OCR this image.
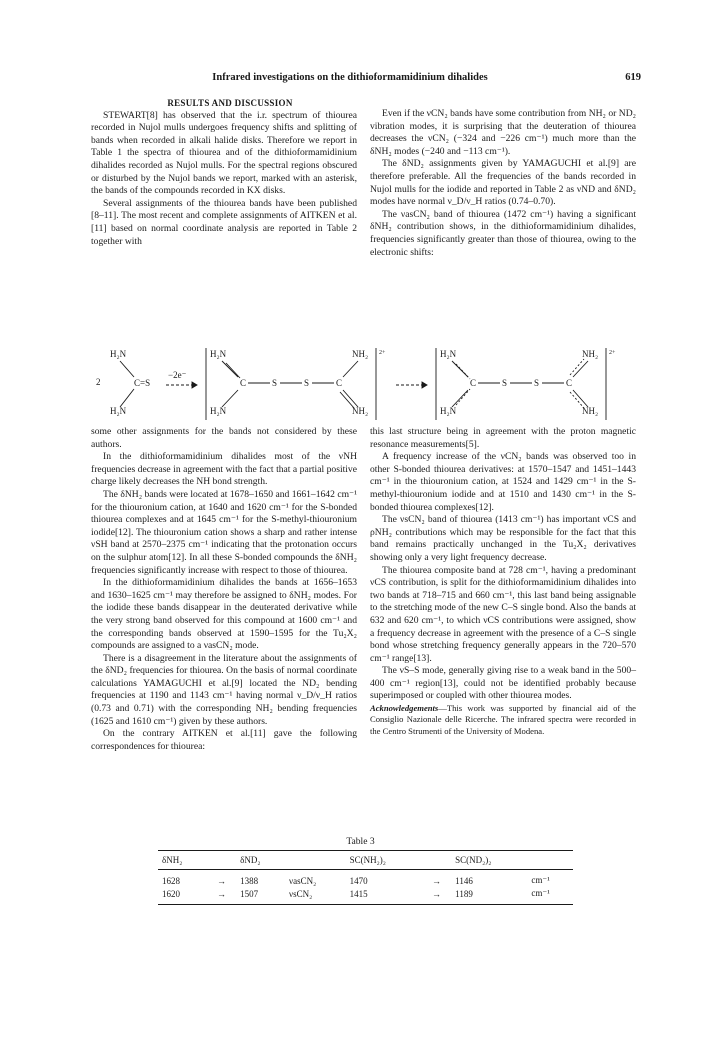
Infrared investigations on the dithioformamidinium dihalides	619

RESULTS AND DISCUSSION

STEWART[8] has observed that the i.r. spectrum of thiourea recorded in Nujol mulls undergoes frequency shifts and splitting of bands when recorded in alkali halide disks. Therefore we report in Table 1 the spectra of thiourea and of the dithioformamidinium dihalides recorded as Nujol mulls. For the spectral regions obscured or disturbed by the Nujol bands we report, marked with an asterisk, the bands of the compounds recorded in KX disks.

Several assignments of the thiourea bands have been published [8–11]. The most recent and complete assignments of AITKEN et al.[11] based on normal coordinate analysis are reported in Table 2 together with

Even if the νCN₂ bands have some contribution from NH₂ or ND₂ vibration modes, it is surprising that the deuteration of thiourea decreases the νCN₂ (−324 and −226 cm⁻¹) much more than the δNH₂ modes (−240 and −113 cm⁻¹).

The δND₂ assignments given by YAMAGUCHI et al.[9] are therefore preferable. All the frequencies of the bands recorded in Nujol mulls for the iodide and reported in Table 2 as νND and δND₂ modes have normal ν_D/ν_H ratios (0.74–0.70).

The νasCN₂ band of thiourea (1472 cm⁻¹) having a significant δNH₂ contribution shows, in the dithioformamidinium dihalides, frequencies significantly greater than those of thiourea, owing to the electronic shifts:

2
H₂N
H₂N
C=S
−2e⁻
H₂N
H₂N
C	S	S	C
NH₂
NH₂
2+	H₂N
H₂N
C	S	S	C
NH₂
NH₂
2+

some other assignments for the bands not considered by these authors.

In the dithioformamidinium dihalides most of the νNH frequencies decrease in agreement with the fact that a partial positive charge likely decreases the NH bond strength.

The δNH₂ bands were located at 1678–1650 and 1661–1642 cm⁻¹ for the thiouronium cation, at 1640 and 1620 cm⁻¹ for the S-bonded thiourea complexes and at 1645 cm⁻¹ for the S-methyl-thiouronium iodide[12]. The thiouronium cation shows a sharp and rather intense νSH band at 2570–2375 cm⁻¹ indicating that the protonation occurs on the sulphur atom[12]. In all these S-bonded compounds the δNH₂ frequencies significantly increase with respect to those of thiourea.

In the dithioformamidinium dihalides the bands at 1656–1653 and 1630–1625 cm⁻¹ may therefore be assigned to δNH₂ modes. For the iodide these bands disappear in the deuterated derivative while the very strong band observed for this compound at 1600 cm⁻¹ and the corresponding bands observed at 1590–1595 for the Tu₂X₂ compounds are assigned to a νasCN₂ mode.

There is a disagreement in the literature about the assignments of the δND₂ frequencies for thiourea. On the basis of normal coordinate calculations YAMAGUCHI et al.[9] located the ND₂ bending frequencies at 1190 and 1143 cm⁻¹ having normal ν_D/ν_H ratios (0.73 and 0.71) with the corresponding NH₂ bending frequencies (1625 and 1610 cm⁻¹) given by these authors.

On the contrary AITKEN et al.[11] gave the following correspondences for thiourea:

this last structure being in agreement with the proton magnetic resonance measurements[5].

A frequency increase of the νCN₂ bands was observed too in other S-bonded thiourea derivatives: at 1570–1547 and 1451–1443 cm⁻¹ in the thiouronium cation, at 1524 and 1429 cm⁻¹ in the S-methyl-thiouronium iodide and at 1510 and 1430 cm⁻¹ in the S-bonded thiourea complexes[12].

The νsCN₂ band of thiourea (1413 cm⁻¹) has important νCS and ρNH₂ contributions which may be responsible for the fact that this band remains practically unchanged in the Tu₂X₂ derivatives showing only a very light frequency decrease.

The thiourea composite band at 728 cm⁻¹, having a predominant νCS contribution, is split for the dithioformamidinium dihalides into two bands at 718–715 and 660 cm⁻¹, this last band being assignable to the stretching mode of the new C–S single bond. Also the bands at 632 and 620 cm⁻¹, to which νCS contributions were assigned, show a frequency decrease in agreement with the presence of a C–S single bond whose stretching frequency generally appears in the 720–570 cm⁻¹ range[13].

The νS–S mode, generally giving rise to a weak band in the 500–400 cm⁻¹ region[13], could not be identified probably because superimposed or coupled with other thiourea modes.

Acknowledgements—This work was supported by financial aid of the Consiglio Nazionale delle Ricerche. The infrared spectra were recorded in the Centro Strumenti of the University of Modena.

Table 3
δNH₂		δND₂		SC(NH₂)₂		SC(ND₂)₂	
1628	→	1388	νasCN₂	1470	→	1146	cm⁻¹
1620	→	1507	νsCN₂	1415	→	1189	cm⁻¹
